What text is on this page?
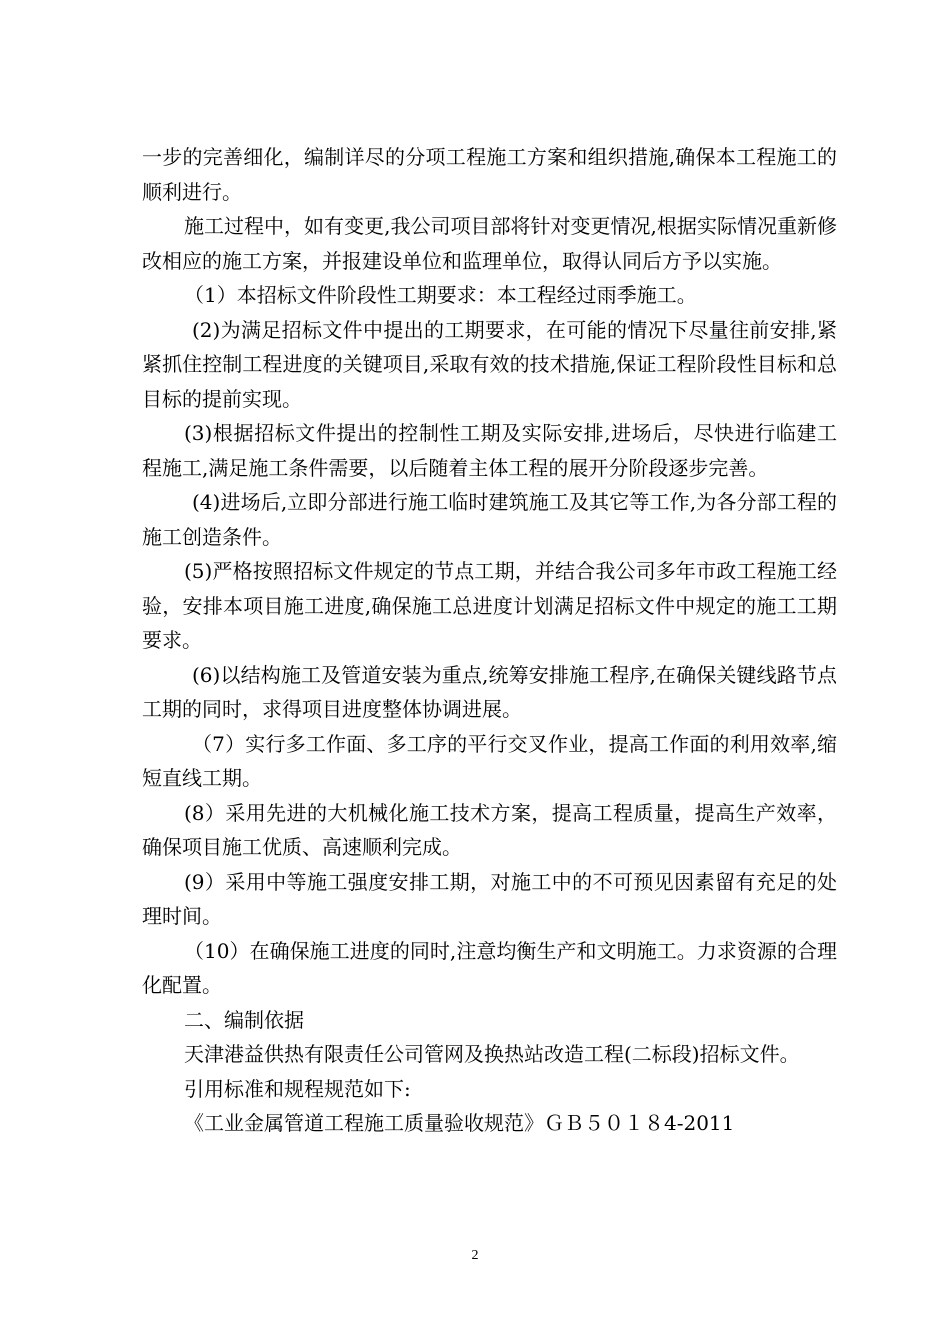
一步的完善细化，编制详尽的分项工程施工方案和组织措施,确保本工程施工的顺利进行。

施工过程中，如有变更,我公司项目部将针对变更情况,根据实际情况重新修改相应的施工方案，并报建设单位和监理单位，取得认同后方予以实施。

（1）本招标文件阶段性工期要求：本工程经过雨季施工。

(2)为满足招标文件中提出的工期要求，在可能的情况下尽量往前安排,紧紧抓住控制工程进度的关键项目,采取有效的技术措施,保证工程阶段性目标和总目标的提前实现。

(3)根据招标文件提出的控制性工期及实际安排,进场后，尽快进行临建工程施工,满足施工条件需要，以后随着主体工程的展开分阶段逐步完善。

(4)进场后,立即分部进行施工临时建筑施工及其它等工作,为各分部工程的施工创造条件。

(5)严格按照招标文件规定的节点工期，并结合我公司多年市政工程施工经验，安排本项目施工进度,确保施工总进度计划满足招标文件中规定的施工工期要求。

(6)以结构施工及管道安装为重点,统筹安排施工程序,在确保关键线路节点工期的同时，求得项目进度整体协调进展。

（7）实行多工作面、多工序的平行交叉作业，提高工作面的利用效率,缩短直线工期。

(8）采用先进的大机械化施工技术方案，提高工程质量，提高生产效率，确保项目施工优质、高速顺利完成。

(9）采用中等施工强度安排工期，对施工中的不可预见因素留有充足的处理时间。

（10）在确保施工进度的同时,注意均衡生产和文明施工。力求资源的合理化配置。

二、编制依据

天津港益供热有限责任公司管网及换热站改造工程(二标段)招标文件。

引用标准和规程规范如下:

《工业金属管道工程施工质量验收规范》ＧＢ５０１８4-2011

2
